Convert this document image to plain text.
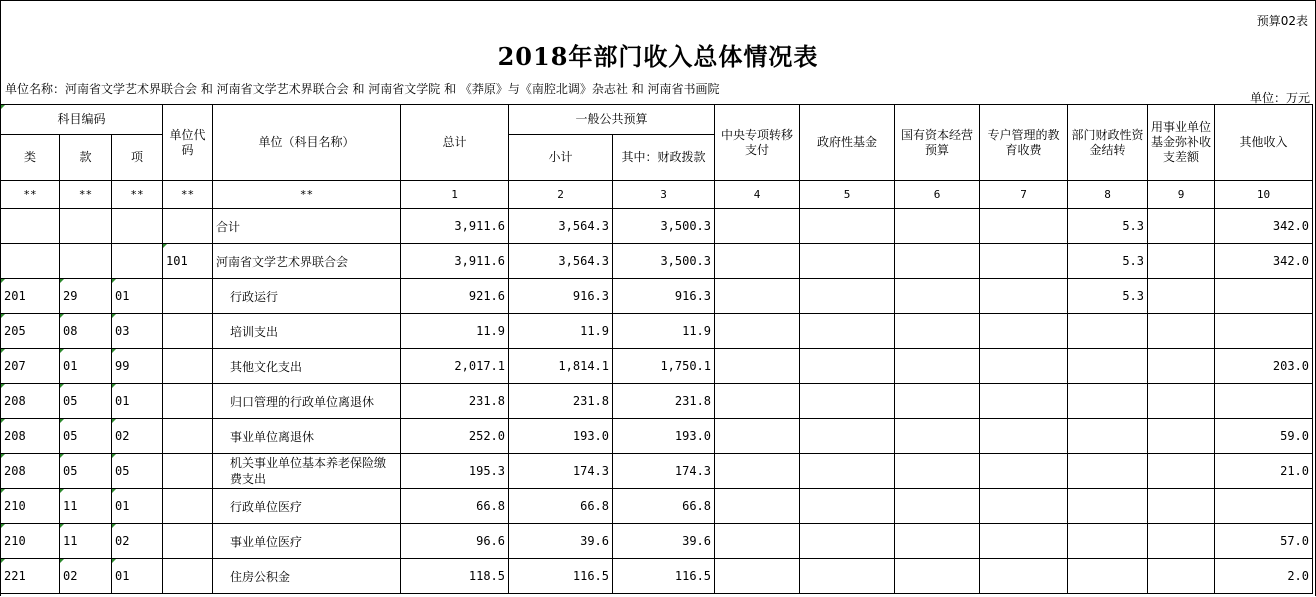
预算02表
2018年部门收入总体情况表
单位名称：河南省文学艺术界联合会 和 河南省文学艺术界联合会 和 河南省文学院 和 《莽原》与《南腔北调》杂志社 和 河南省书画院
单位：万元
科目编码			单位代码	单位（科目名称）	总计	一般公共预算		中央专项转移支付	政府性基金	国有资本经营预算	专户管理的教育收费	部门财政性资金结转	用事业单位基金弥补收支差额	其他收入
类	款	项				小计	其中：财政拨款							
**	**	**	**	**	1	2	3	4	5	6	7	8	9	10
				合计	3,911.6	3,564.3	3,500.3					5.3		342.0
			101	河南省文学艺术界联合会	3,911.6	3,564.3	3,500.3					5.3		342.0
201	29	01		行政运行	921.6	916.3	916.3					5.3		
205	08	03		培训支出	11.9	11.9	11.9							
207	01	99		其他文化支出	2,017.1	1,814.1	1,750.1							203.0
208	05	01		归口管理的行政单位离退休	231.8	231.8	231.8							
208	05	02		事业单位离退休	252.0	193.0	193.0							59.0
208	05	05		机关事业单位基本养老保险缴费支出	195.3	174.3	174.3							21.0
210	11	01		行政单位医疗	66.8	66.8	66.8							
210	11	02		事业单位医疗	96.6	39.6	39.6							57.0
221	02	01		住房公积金	118.5	116.5	116.5							2.0
